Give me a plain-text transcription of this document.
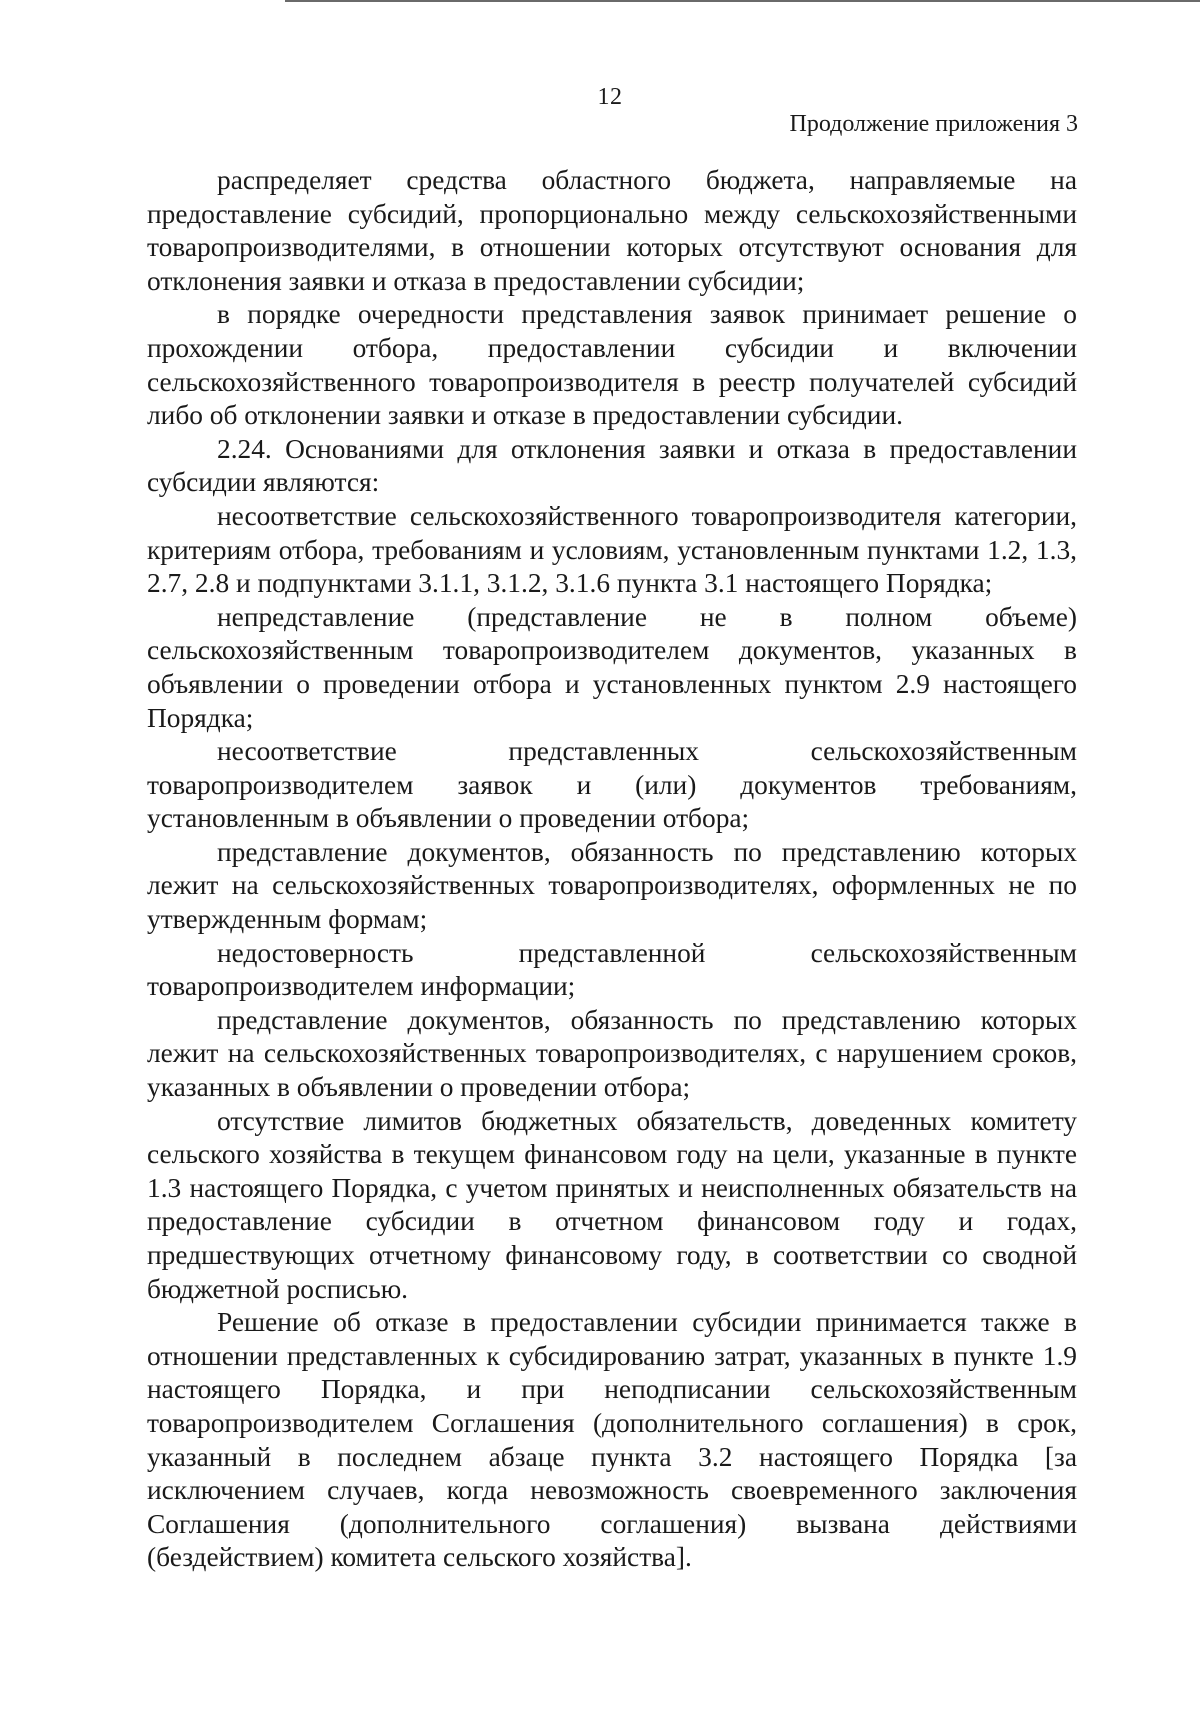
12
Продолжение приложения 3

распределяет средства областного бюджета, направляемые на предоставление субсидий, пропорционально между сельскохозяйственными товаропроизводителями, в отношении которых отсутствуют основания для отклонения заявки и отказа в предоставлении субсидии;

в порядке очередности представления заявок принимает решение о прохождении отбора, предоставлении субсидии и включении сельскохозяйственного товаропроизводителя в реестр получателей субсидий либо об отклонении заявки и отказе в предоставлении субсидии.

2.24. Основаниями для отклонения заявки и отказа в предоставлении субсидии являются:

несоответствие сельскохозяйственного товаропроизводителя категории, критериям отбора, требованиям и условиям, установленным пунктами 1.2, 1.3, 2.7, 2.8 и подпунктами 3.1.1, 3.1.2, 3.1.6 пункта 3.1 настоящего Порядка;

непредставление (представление не в полном объеме) сельскохозяйственным товаропроизводителем документов, указанных в объявлении о проведении отбора и установленных пунктом 2.9 настоящего Порядка;

несоответствие представленных сельскохозяйственным товаропроизводителем заявок и (или) документов требованиям, установленным в объявлении о проведении отбора;

представление документов, обязанность по представлению которых лежит на сельскохозяйственных товаропроизводителях, оформленных не по утвержденным формам;

недостоверность представленной сельскохозяйственным товаропроизводителем информации;

представление документов, обязанность по представлению которых лежит на сельскохозяйственных товаропроизводителях, с нарушением сроков, указанных в объявлении о проведении отбора;

отсутствие лимитов бюджетных обязательств, доведенных комитету сельского хозяйства в текущем финансовом году на цели, указанные в пункте 1.3 настоящего Порядка, с учетом принятых и неисполненных обязательств на предоставление субсидии в отчетном финансовом году и годах, предшествующих отчетному финансовому году, в соответствии со сводной бюджетной росписью.

Решение об отказе в предоставлении субсидии принимается также в отношении представленных к субсидированию затрат, указанных в пункте 1.9 настоящего Порядка, и при неподписании сельскохозяйственным товаропроизводителем Соглашения (дополнительного соглашения) в срок, указанный в последнем абзаце пункта 3.2 настоящего Порядка [за исключением случаев, когда невозможность своевременного заключения Соглашения (дополнительного соглашения) вызвана действиями (бездействием) комитета сельского хозяйства].
